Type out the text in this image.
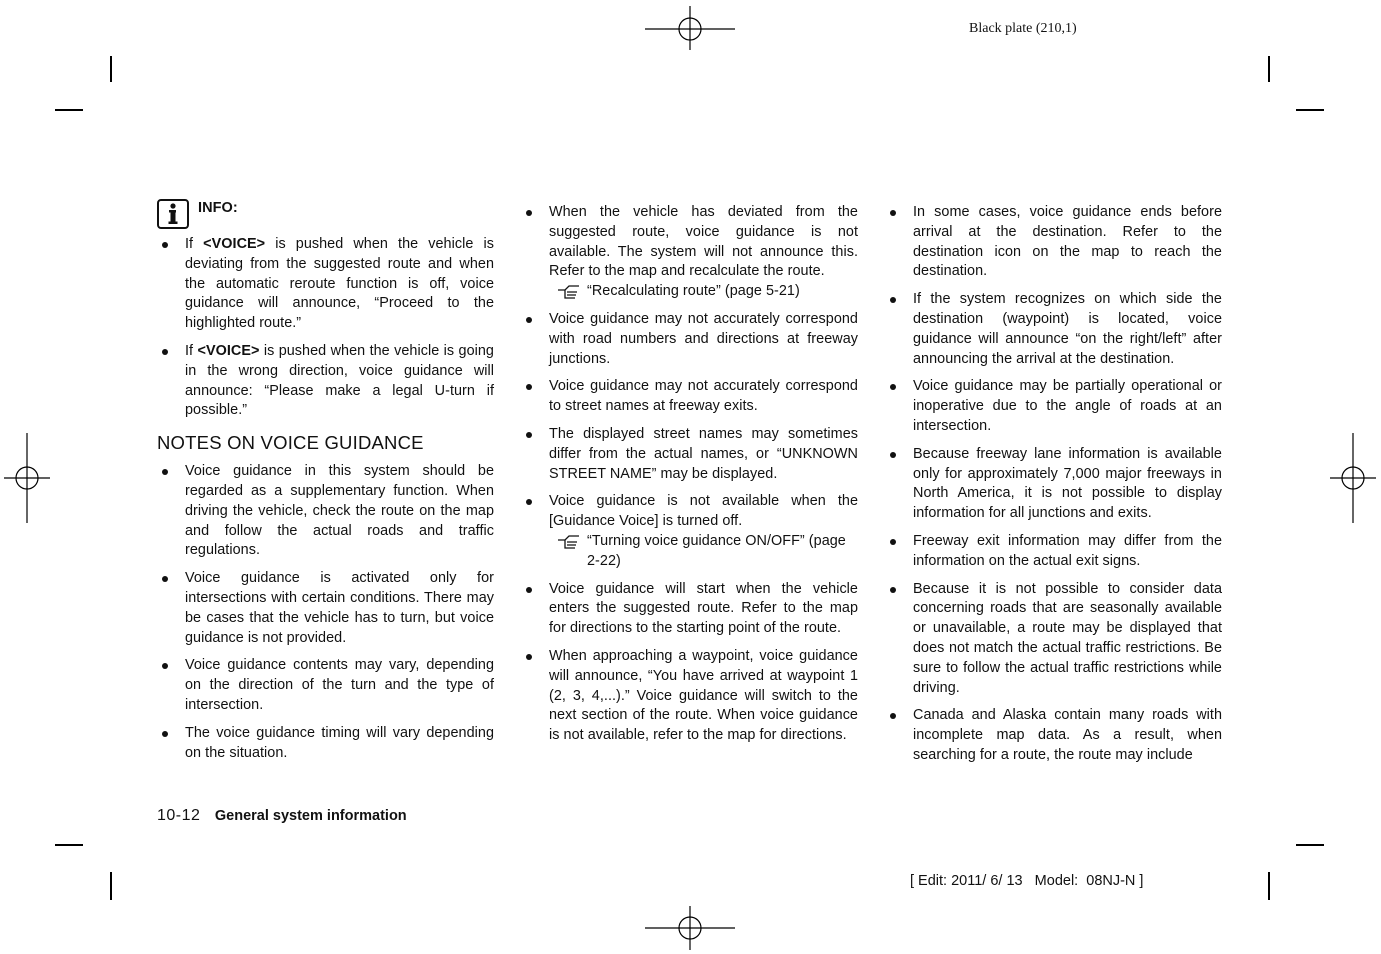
Black plate (210,1)
INFO:
If <VOICE> is pushed when the vehicle is deviating from the suggested route and when the automatic reroute function is off, voice guidance will announce, “Proceed to the highlighted route.”
If <VOICE> is pushed when the vehicle is going in the wrong direction, voice guidance will announce: “Please make a legal U-turn if possible.”
NOTES ON VOICE GUIDANCE
Voice guidance in this system should be regarded as a supplementary function. When driving the vehicle, check the route on the map and follow the actual roads and traffic regulations.
Voice guidance is activated only for intersections with certain conditions. There may be cases that the vehicle has to turn, but voice guidance is not provided.
Voice guidance contents may vary, depending on the direction of the turn and the type of intersection.
The voice guidance timing will vary depending on the situation.
When the vehicle has deviated from the suggested route, voice guidance is not available. The system will not announce this. Refer to the map and recalculate the route.
“Recalculating route” (page 5-21)
Voice guidance may not accurately correspond with road numbers and directions at freeway junctions.
Voice guidance may not accurately correspond to street names at freeway exits.
The displayed street names may sometimes differ from the actual names, or “UNKNOWN STREET NAME” may be displayed.
Voice guidance is not available when the [Guidance Voice] is turned off.
“Turning voice guidance ON/OFF” (page 2-22)
Voice guidance will start when the vehicle enters the suggested route. Refer to the map for directions to the starting point of the route.
When approaching a waypoint, voice guidance will announce, “You have arrived at waypoint 1 (2, 3, 4,...).” Voice guidance will switch to the next section of the route. When voice guidance is not available, refer to the map for directions.
In some cases, voice guidance ends before arrival at the destination. Refer to the destination icon on the map to reach the destination.
If the system recognizes on which side the destination (waypoint) is located, voice guidance will announce “on the right/left” after announcing the arrival at the destination.
Voice guidance may be partially operational or inoperative due to the angle of roads at an intersection.
Because freeway lane information is available only for approximately 7,000 major freeways in North America, it is not possible to display information for all junctions and exits.
Freeway exit information may differ from the information on the actual exit signs.
Because it is not possible to consider data concerning roads that are seasonally available or unavailable, a route may be displayed that does not match the actual traffic restrictions. Be sure to follow the actual traffic restrictions while driving.
Canada and Alaska contain many roads with incomplete map data. As a result, when searching for a route, the route may include
10-12 General system information
[ Edit: 2011/ 6/ 13   Model:  08NJ-N ]
